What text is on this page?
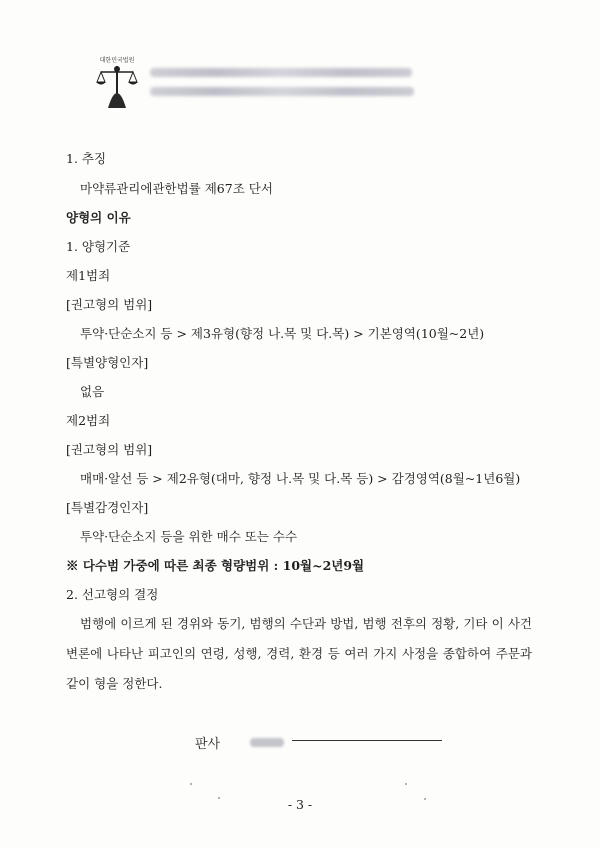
대한민국법원
1. 추징
마약류관리에관한법률 제67조 단서
양형의 이유
1. 양형기준
제1범죄
[권고형의 범위]
투약·단순소지 등 > 제3유형(향정 나.목 및 다.목) > 기본영역(10월~2년)
[특별양형인자]
없음
제2범죄
[권고형의 범위]
매매·알선 등 > 제2유형(대마, 향정 나.목 및 다.목 등) > 감경영역(8월~1년6월)
[특별감경인자]
투약·단순소지 등을 위한 매수 또는 수수
※ 다수범 가중에 따른 최종 형량범위 : 10월~2년9월
2. 선고형의 결정
범행에 이르게 된 경위와 동기, 범행의 수단과 방법, 범행 전후의 정황, 기타 이 사건 변론에 나타난 피고인의 연령, 성행, 경력, 환경 등 여러 가지 사정을 종합하여 주문과 같이 형을 정한다.
판사
- 3 -
